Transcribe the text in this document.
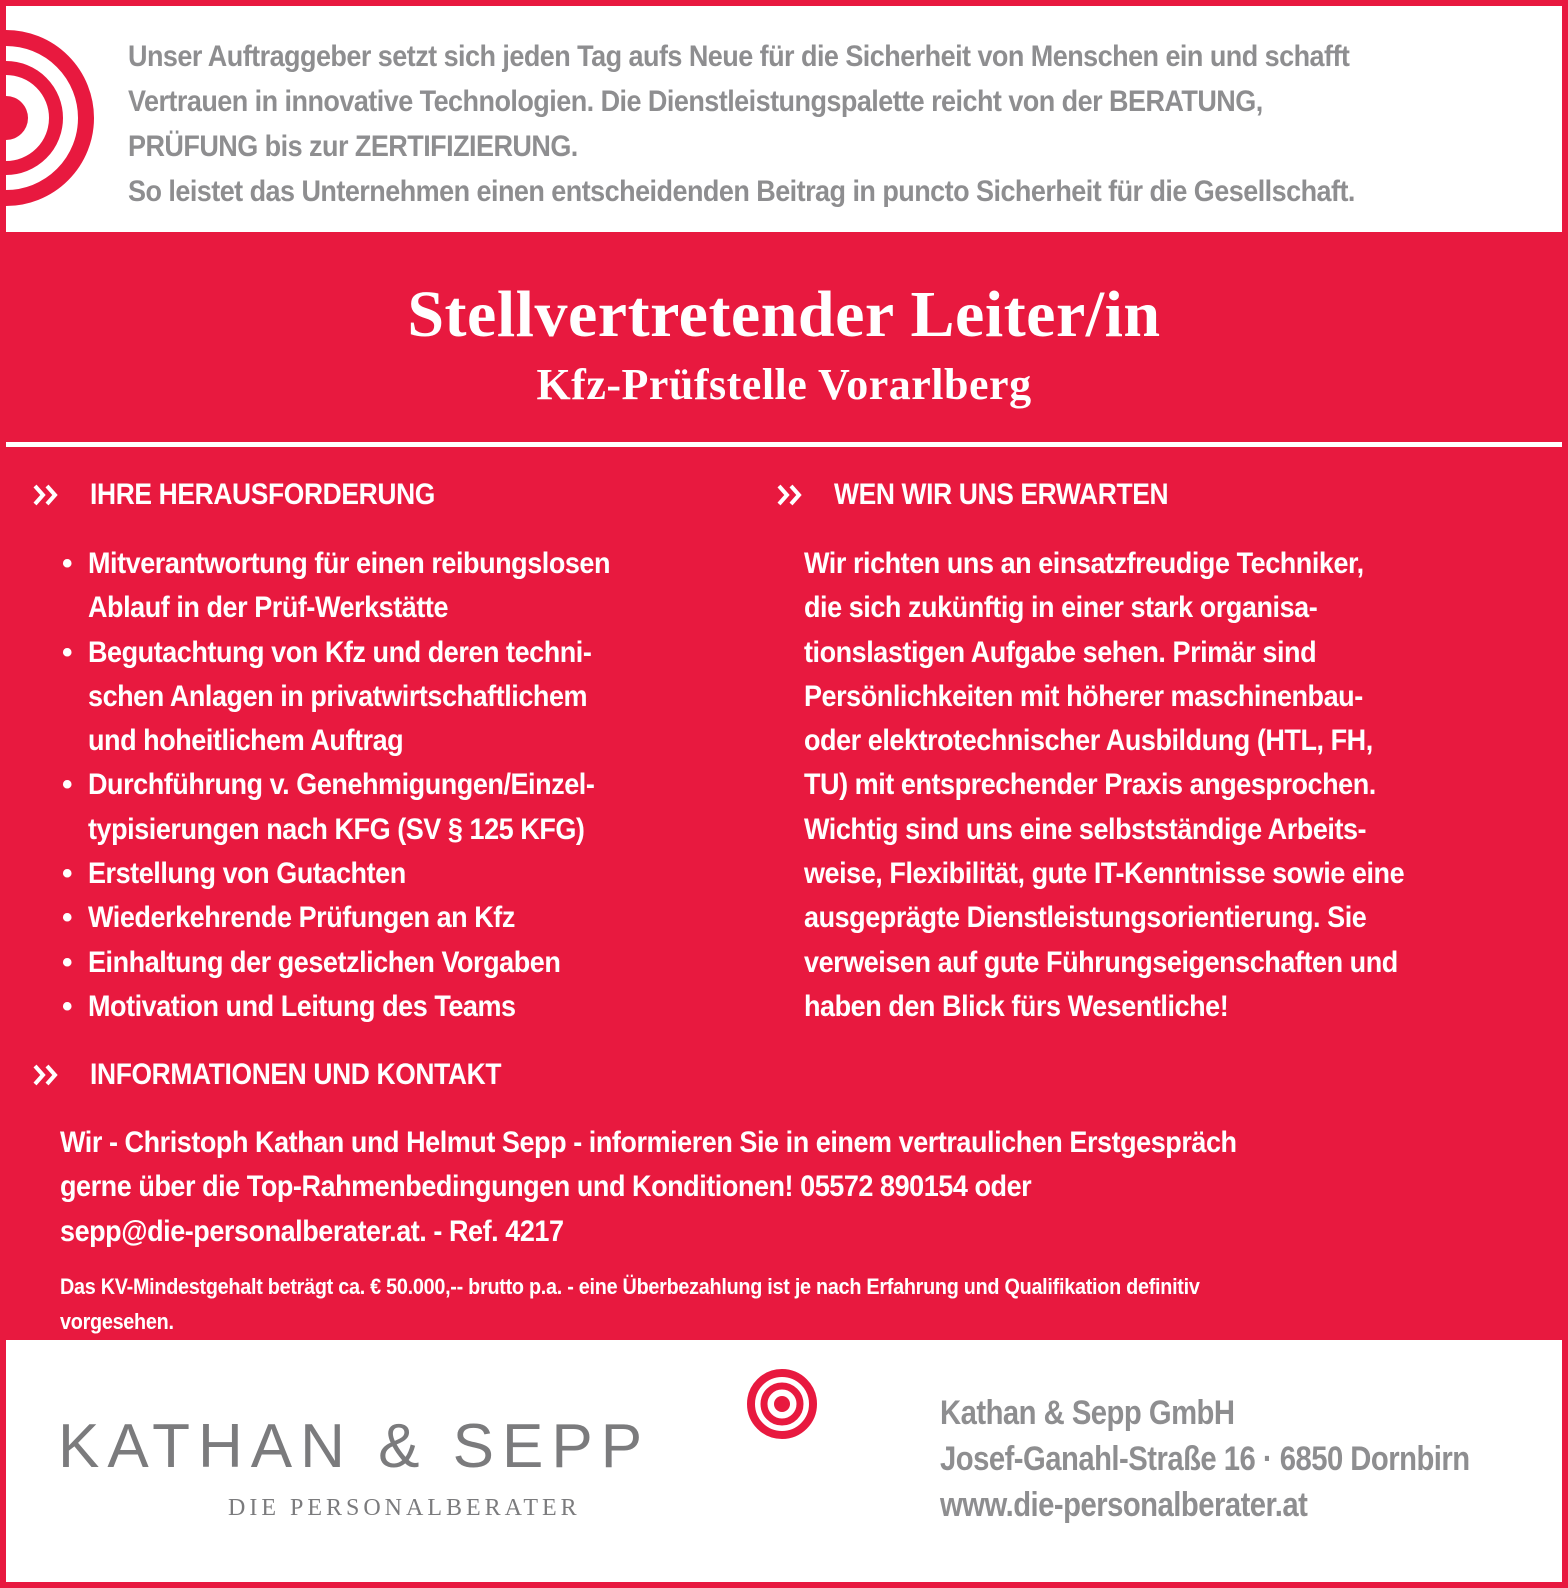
Unser Auftraggeber setzt sich jeden Tag aufs Neue für die Sicherheit von Menschen ein und schafft

Vertrauen in innovative Technologien. Die Dienstleistungspalette reicht von der BERATUNG,

PRÜFUNG bis zur ZERTIFIZIERUNG.

So leistet das Unternehmen einen entscheidenden Beitrag in puncto Sicherheit für die Gesellschaft.

Stellvertretender Leiter/in
Kfz-Prüfstelle Vorarlberg
IHRE HERAUSFORDERUNG
• Mitverantwortung für einen reibungslosen
Ablauf in der Prüf-Werkstätte
• Begutachtung von Kfz und deren techni-
schen Anlagen in privatwirtschaftlichem
und hoheitlichem Auftrag
• Durchführung v. Genehmigungen/Einzel-
typisierungen nach KFG (SV § 125 KFG)
• Erstellung von Gutachten
• Wiederkehrende Prüfungen an Kfz
• Einhaltung der gesetzlichen Vorgaben
• Motivation und Leitung des Teams
WEN WIR UNS ERWARTEN
Wir richten uns an einsatzfreudige Techniker,
die sich zukünftig in einer stark organisa-
tionslastigen Aufgabe sehen. Primär sind
Persönlichkeiten mit höherer maschinenbau-
oder elektrotechnischer Ausbildung (HTL, FH,
TU) mit entsprechender Praxis angesprochen.
Wichtig sind uns eine selbstständige Arbeits-
weise, Flexibilität, gute IT-Kenntnisse sowie eine
ausgeprägte Dienstleistungsorientierung. Sie
verweisen auf gute Führungseigenschaften und
haben den Blick fürs Wesentliche!
INFORMATIONEN UND KONTAKT
Wir - Christoph Kathan und Helmut Sepp - informieren Sie in einem vertraulichen Erstgespräch
gerne über die Top-Rahmenbedingungen und Konditionen! 05572 890154 oder
sepp@die-personalberater.at. - Ref. 4217
Das KV-Mindestgehalt beträgt ca. € 50.000,-- brutto p.a. - eine Überbezahlung ist je nach Erfahrung und Qualifikation definitiv
vorgesehen.
KATHAN & SEPP
DIE PERSONALBERATER
Kathan & Sepp GmbH
Josef-Ganahl-Straße 16 · 6850 Dornbirn
www.die-personalberater.at
